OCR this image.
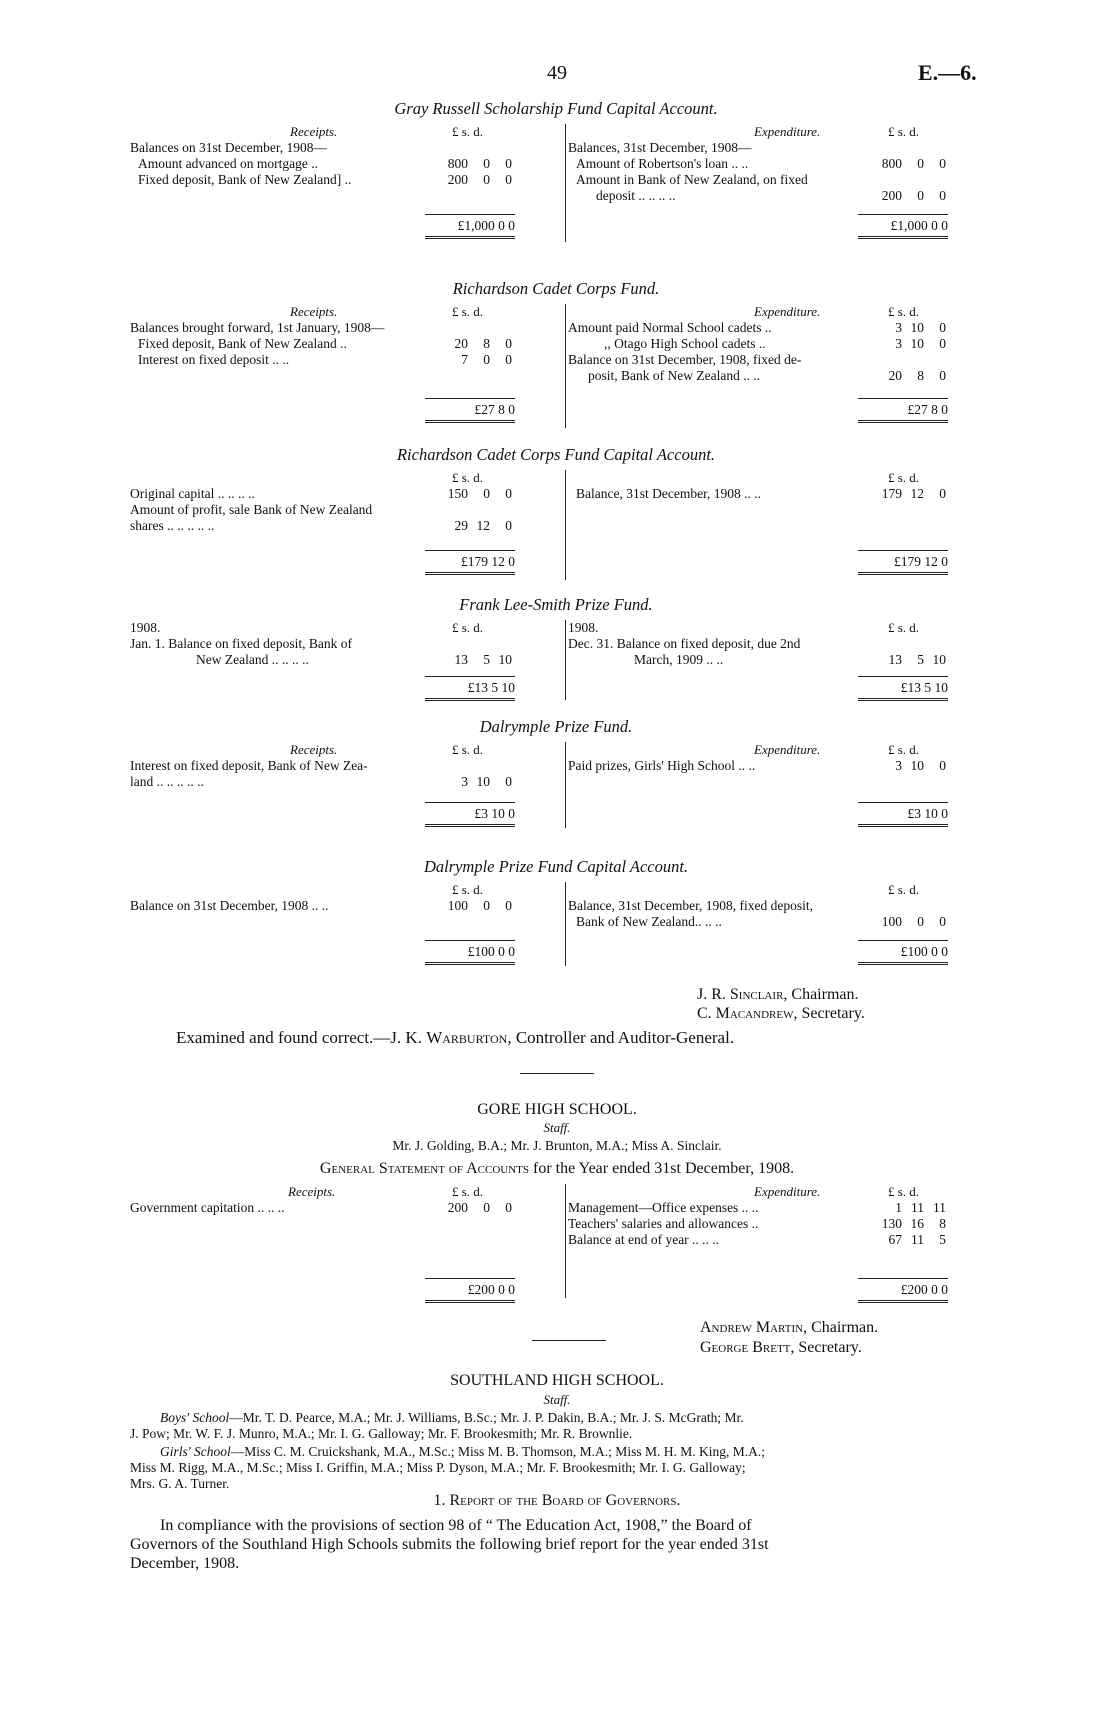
49	E.—6.
Gray Russell Scholarship Fund Capital Account.
Receipts.	£ s. d.
Balances on 31st December, 1908—
Amount advanced on mortgage ..	800 0 0
Fixed deposit, Bank of New Zealand] ..	200 0 0
£1,000 0 0
Expenditure.	£ s. d.
Balances, 31st December, 1908—
Amount of Robertson's loan .. ..	800 0 0
Amount in Bank of New Zealand, on fixed
deposit .. .. .. ..	200 0 0
£1,000 0 0
Richardson Cadet Corps Fund.
Receipts.	£ s. d.
Balances brought forward, 1st January, 1908—
Fixed deposit, Bank of New Zealand ..	20 8 0
Interest on fixed deposit .. ..	7 0 0
£27 8 0
Expenditure.	£ s. d.
Amount paid Normal School cadets ..	3 10 0
,, Otago High School cadets ..	3 10 0
Balance on 31st December, 1908, fixed de-
posit, Bank of New Zealand .. ..	20 8 0
£27 8 0
Richardson Cadet Corps Fund Capital Account.
£ s. d.
Original capital .. .. .. ..	150 0 0
Amount of profit, sale Bank of New Zealand
shares .. .. .. .. ..	29 12 0
£179 12 0
£ s. d.
Balance, 31st December, 1908 .. ..	179 12 0
£179 12 0
Frank Lee-Smith Prize Fund.
1908.	£ s. d.
Jan. 1. Balance on fixed deposit, Bank of
New Zealand .. .. .. ..	13 5 10
£13 5 10
1908.	£ s. d.
Dec. 31. Balance on fixed deposit, due 2nd
March, 1909 .. ..	13 5 10
£13 5 10
Dalrymple Prize Fund.
Receipts.	£ s. d.
Interest on fixed deposit, Bank of New Zea-
land .. .. .. .. ..	3 10 0
£3 10 0
Expenditure.	£ s. d.
Paid prizes, Girls' High School .. ..	3 10 0
£3 10 0
Dalrymple Prize Fund Capital Account.
£ s. d.
Balance on 31st December, 1908 .. ..	100 0 0
£100 0 0
£ s. d.
Balance, 31st December, 1908, fixed deposit,
Bank of New Zealand.. .. ..	100 0 0
£100 0 0
J. R. Sinclair, Chairman.
C. Macandrew, Secretary.
Examined and found correct.—J. K. Warburton, Controller and Auditor-General.
GORE HIGH SCHOOL.
Staff.
Mr. J. Golding, B.A.; Mr. J. Brunton, M.A.; Miss A. Sinclair.
General Statement of Accounts for the Year ended 31st December, 1908.
Receipts.	£ s. d.
Government capitation .. .. ..	200 0 0
£200 0 0
Expenditure.	£ s. d.
Management—Office expenses .. ..	1 11 11
Teachers' salaries and allowances ..	130 16 8
Balance at end of year .. .. ..	67 11 5
£200 0 0
Andrew Martin, Chairman.
George Brett, Secretary.
SOUTHLAND HIGH SCHOOL.
Staff.
Boys' School—Mr. T. D. Pearce, M.A.; Mr. J. Williams, B.Sc.; Mr. J. P. Dakin, B.A.; Mr. J. S. McGrath; Mr.
J. Pow; Mr. W. F. J. Munro, M.A.; Mr. I. G. Galloway; Mr. F. Brookesmith; Mr. R. Brownlie.
Girls' School—Miss C. M. Cruickshank, M.A., M.Sc.; Miss M. B. Thomson, M.A.; Miss M. H. M. King, M.A.;
Miss M. Rigg, M.A., M.Sc.; Miss I. Griffin, M.A.; Miss P. Dyson, M.A.; Mr. F. Brookesmith; Mr. I. G. Galloway;
Mrs. G. A. Turner.
1. Report of the Board of Governors.
In compliance with the provisions of section 98 of “ The Education Act, 1908,” the Board of
Governors of the Southland High Schools submits the following brief report for the year ended 31st
December, 1908.
